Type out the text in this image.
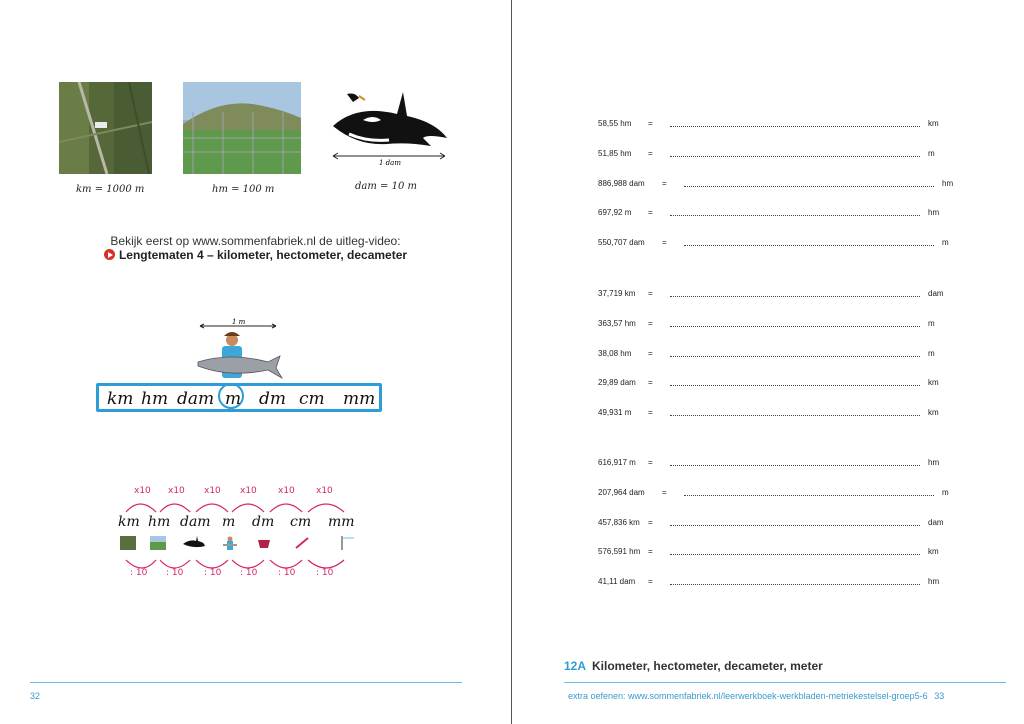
1 dam
km = 1000 m	hm = 100 m	dam = 10 m
Bekijk eerst op www.sommenfabriek.nl de uitleg-video:
Lengtematen 4 – kilometer, hectometer, decameter
1 m
km hm dam m dm cm mm
x10 x10 x10 x10 x10 x10
km hm dam m dm cm mm
: 10 : 10 : 10 : 10 : 10 : 10
32
58,55 hm =	km
51,85 hm =	m
886,988 dam =	hm
697,92 m =	hm
550,707 dam =	m
37,719 km =	dam
363,57 hm =	m
38,08 hm =	m
29,89 dam =	km
49,931 m =	km
616,917 m =	hm
207,964 dam =	m
457,836 km =	dam
576,591 hm =	km
41,11 dam =	hm
12A Kilometer, hectometer, decameter, meter
extra oefenen: www.sommenfabriek.nl/leerwerkboek-werkbladen-metriekestelsel-groep5-6 33
